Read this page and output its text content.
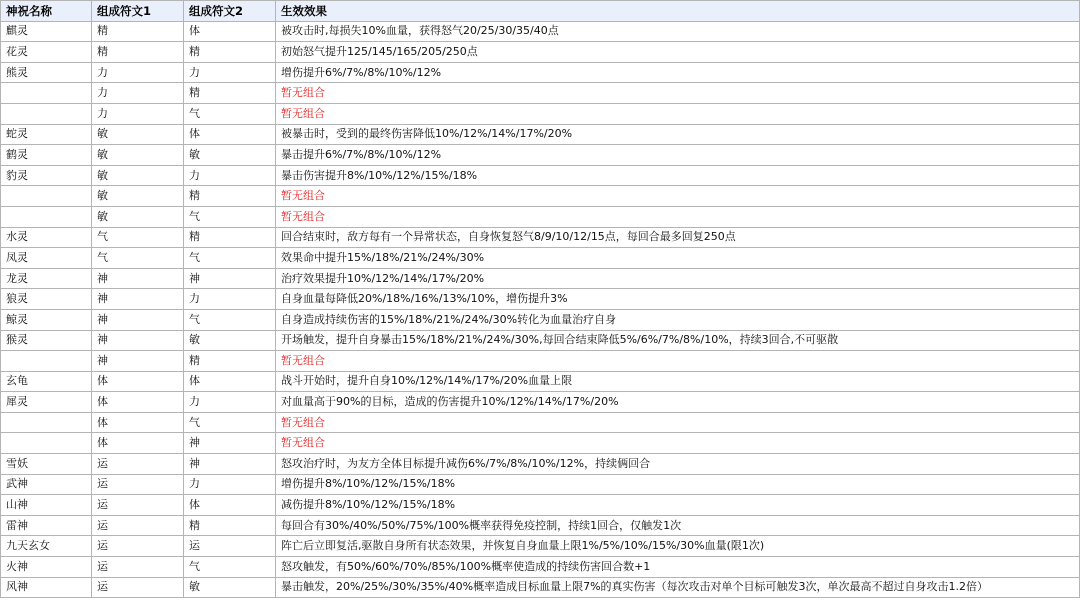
神祝名称	组成符文1	组成符文2	生效效果
麒灵	精	体	被攻击时,每损失10%血量，获得怒气20/25/30/35/40点
花灵	精	精	初始怒气提升125/145/165/205/250点
熊灵	力	力	增伤提升6%/7%/8%/10%/12%
	力	精	暂无组合
	力	气	暂无组合
蛇灵	敏	体	被暴击时，受到的最终伤害降低10%/12%/14%/17%/20%
鹤灵	敏	敏	暴击提升6%/7%/8%/10%/12%
豹灵	敏	力	暴击伤害提升8%/10%/12%/15%/18%
	敏	精	暂无组合
	敏	气	暂无组合
水灵	气	精	回合结束时，敌方每有一个异常状态，自身恢复怒气8/9/10/12/15点，每回合最多回复250点
凤灵	气	气	效果命中提升15%/18%/21%/24%/30%
龙灵	神	神	治疗效果提升10%/12%/14%/17%/20%
狼灵	神	力	自身血量每降低20%/18%/16%/13%/10%，增伤提升3%
鲸灵	神	气	自身造成持续伤害的15%/18%/21%/24%/30%转化为血量治疗自身
猴灵	神	敏	开场触发，提升自身暴击15%/18%/21%/24%/30%,每回合结束降低5%/6%/7%/8%/10%，持续3回合,不可驱散
	神	精	暂无组合
玄龟	体	体	战斗开始时，提升自身10%/12%/14%/17%/20%血量上限
犀灵	体	力	对血量高于90%的目标，造成的伤害提升10%/12%/14%/17%/20%
	体	气	暂无组合
	体	神	暂无组合
雪妖	运	神	怒攻治疗时，为友方全体目标提升减伤6%/7%/8%/10%/12%，持续俩回合
武神	运	力	增伤提升8%/10%/12%/15%/18%
山神	运	体	减伤提升8%/10%/12%/15%/18%
雷神	运	精	每回合有30%/40%/50%/75%/100%概率获得免疫控制，持续1回合，仅触发1次
九天玄女	运	运	阵亡后立即复活,驱散自身所有状态效果，并恢复自身血量上限1%/5%/10%/15%/30%血量(限1次)
火神	运	气	怒攻触发，有50%/60%/70%/85%/100%概率使造成的持续伤害回合数+1
风神	运	敏	暴击触发，20%/25%/30%/35%/40%概率造成目标血量上限7%的真实伤害（每次攻击对单个目标可触发3次，单次最高不超过自身攻击1.2倍）
